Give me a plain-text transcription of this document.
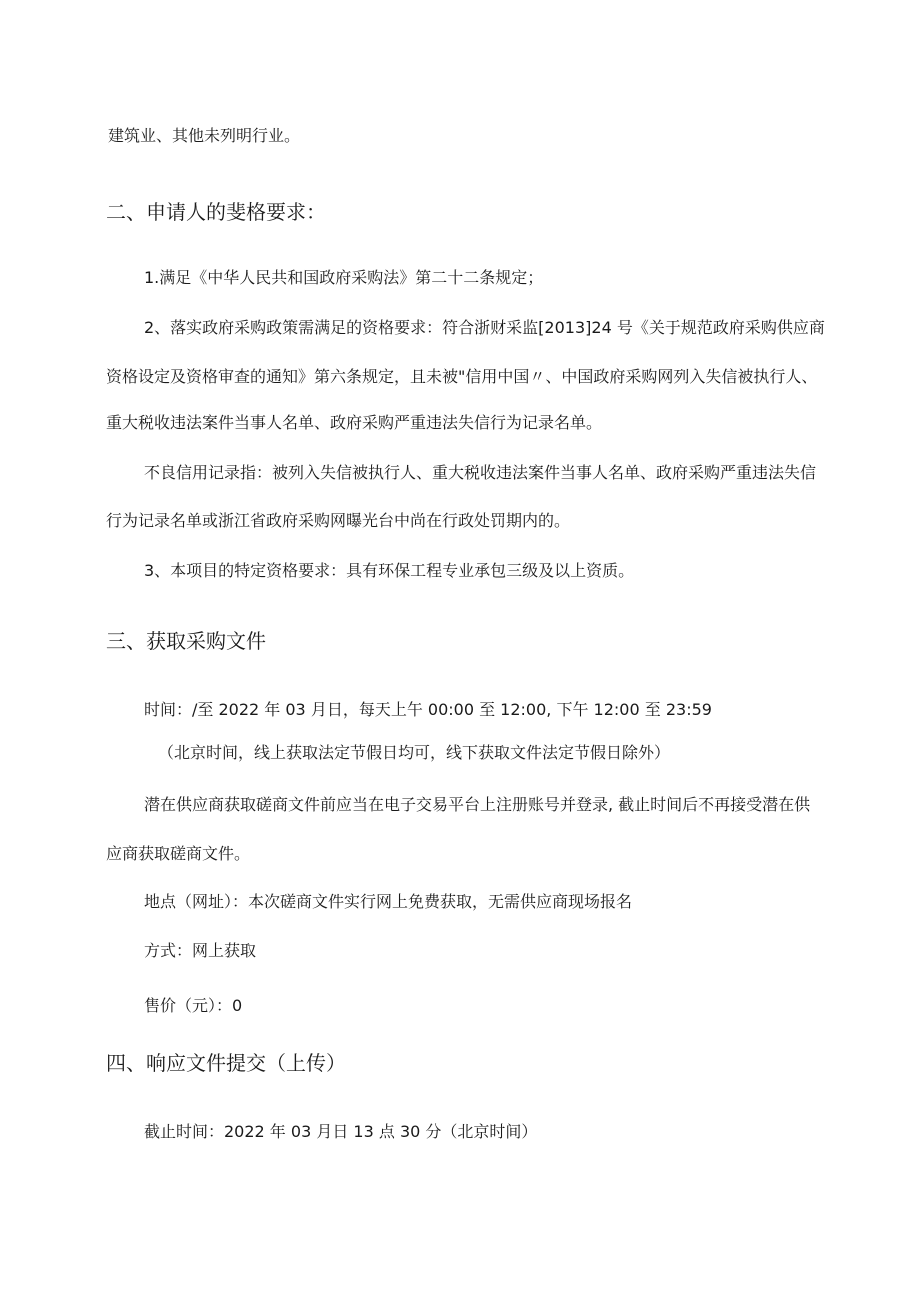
建筑业、其他未列明行业。
二、申请人的斐格要求：
1.满足《中华人民共和国政府采购法》第二十二条规定；
2、落实政府采购政策需满足的资格要求：符合浙财采监[2013]24 号《关于规范政府采购供应商
资格设定及资格审查的通知》第六条规定，且未被"信用中国〃、中国政府采购网列入失信被执行人、
重大税收违法案件当事人名单、政府采购严重违法失信行为记录名单。
不良信用记录指：被列入失信被执行人、重大税收违法案件当事人名单、政府采购严重违法失信
行为记录名单或浙江省政府采购网曝光台中尚在行政处罚期内的。
3、本项目的特定资格要求：具有环保工程专业承包三级及以上资质。
三、获取采购文件
时间：/至 2022 年 03 月日，每天上午 00:00 至 12:00, 下午 12:00 至 23:59
（北京时间，线上获取法定节假日均可，线下获取文件法定节假日除外）
潜在供应商获取磋商文件前应当在电子交易平台上注册账号并登录, 截止时间后不再接受潜在供
应商获取磋商文件。
地点（网址）：本次磋商文件实行网上免费获取，无需供应商现场报名
方式：网上获取
售价（元）：0
四、响应文件提交（上传）
截止时间：2022 年 03 月日 13 点 30 分（北京时间）
